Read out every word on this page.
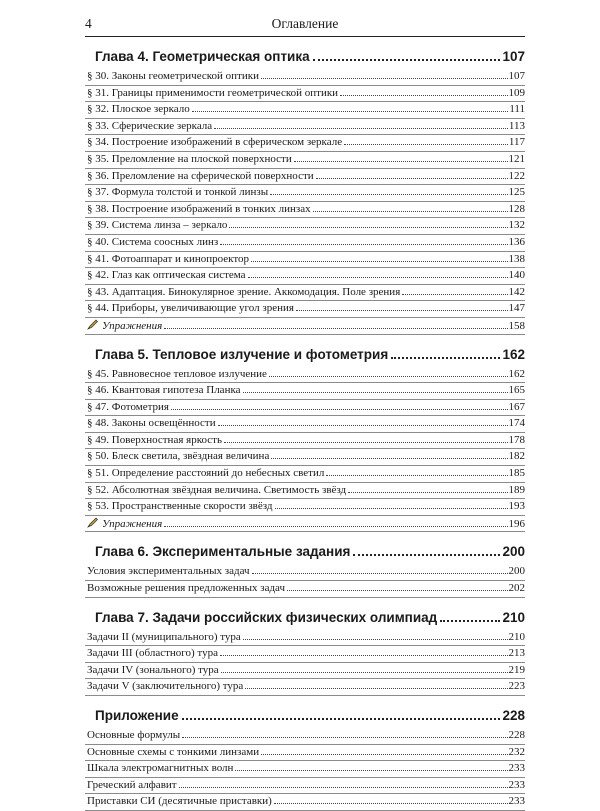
4	Оглавление
Глава 4. Геометрическая оптика	107
§ 30. Законы геометрической оптики	107
§ 31. Границы применимости геометрической оптики	109
§ 32. Плоское зеркало	111
§ 33. Сферические зеркала	113
§ 34. Построение изображений в сферическом зеркале	117
§ 35. Преломление на плоской поверхности	121
§ 36. Преломление на сферической поверхности	122
§ 37. Формула толстой и тонкой линзы	125
§ 38. Построение изображений в тонких линзах	128
§ 39. Система линза – зеркало	132
§ 40. Система соосных линз	136
§ 41. Фотоаппарат и кинопроектор	138
§ 42. Глаз как оптическая система	140
§ 43. Адаптация. Бинокулярное зрение. Аккомодация. Поле зрения	142
§ 44. Приборы, увеличивающие угол зрения	147
Упражнения	158
Глава 5. Тепловое излучение и фотометрия	162
§ 45. Равновесное тепловое излучение	162
§ 46. Квантовая гипотеза Планка	165
§ 47. Фотометрия	167
§ 48. Законы освещённости	174
§ 49. Поверхностная яркость	178
§ 50. Блеск светила, звёздная величина	182
§ 51. Определение расстояний до небесных светил	185
§ 52. Абсолютная звёздная величина. Светимость звёзд	189
§ 53. Пространственные скорости звёзд	193
Упражнения	196
Глава 6. Экспериментальные задания	200
Условия экспериментальных задач	200
Возможные решения предложенных задач	202
Глава 7. Задачи российских физических олимпиад	210
Задачи II (муниципального) тура	210
Задачи III (областного) тура	213
Задачи IV (зонального) тура	219
Задачи V (заключительного) тура	223
Приложение	228
Основные формулы	228
Основные схемы с тонкими линзами	232
Шкала электромагнитных волн	233
Греческий алфавит	233
Приставки СИ (десятичные приставки)	233
